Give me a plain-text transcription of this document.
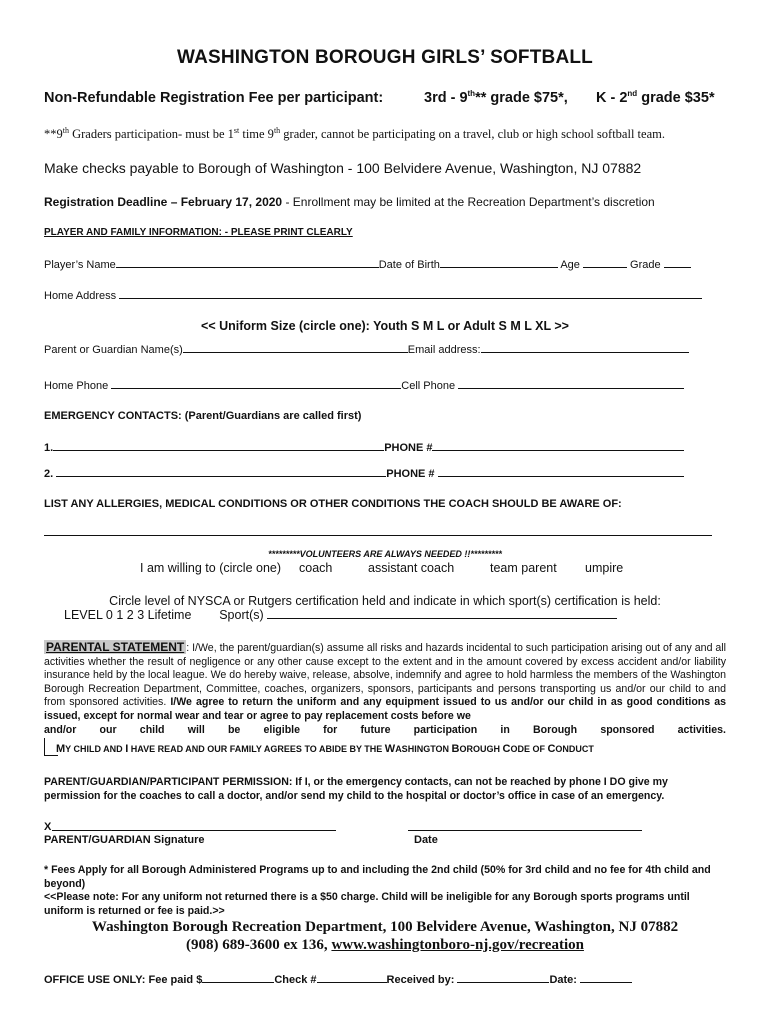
WASHINGTON BOROUGH GIRLS’ SOFTBALL
Non-Refundable Registration Fee per participant:	3rd - 9th** grade $75*, K - 2nd grade $35*
**9th Graders participation- must be 1st time 9th grader, cannot be participating on a travel, club or high school softball team.
Make checks payable to Borough of Washington - 100 Belvidere Avenue, Washington, NJ 07882
Registration Deadline – February 17, 2020 - Enrollment may be limited at the Recreation Department’s discretion
PLAYER AND FAMILY INFORMATION: - PLEASE PRINT CLEARLY
Player’s Name	Date of Birth	Age	Grade
Home Address
<< Uniform Size (circle one): Youth S M L or Adult S M L XL >>
Parent or Guardian Name(s)	Email address:
Home Phone	Cell Phone
EMERGENCY CONTACTS: (Parent/Guardians are called first)
1.	PHONE #
2.	PHONE #
LIST ANY ALLERGIES, MEDICAL CONDITIONS OR OTHER CONDITIONS THE COACH SHOULD BE AWARE OF:
*********VOLUNTEERS ARE ALWAYS NEEDED !!*********
I am willing to (circle one) coach	assistant coach	team parent umpire
Circle level of NYSCA or Rutgers certification held and indicate in which sport(s) certification is held:
LEVEL 0 1 2 3 Lifetime Sport(s)
PARENTAL STATEMENT : I/We, the parent/guardian(s) assume all risks and hazards incidental to such participation arising out of any and all activities whether the result of negligence or any other cause except to the extent and in the amount covered by excess accident and/or liability insurance held by the local league. We do hereby waive, release, absolve, indemnify and agree to hold harmless the members of the Washington Borough Recreation Department, Committee, coaches, organizers, sponsors, participants and persons transporting us and/or our child to and from sponsored activities. I/We agree to return the uniform and any equipment issued to us and/or our child in as good conditions as issued, except for normal wear and tear or agree to pay replacement costs before we
and/or our child will be eligible for future participation in Borough sponsored activities.
MY CHILD AND I HAVE READ AND OUR FAMILY AGREES TO ABIDE BY THE WASHINGTON BOROUGH CODE OF CONDUCT
PARENT/GUARDIAN/PARTICIPANT PERMISSION: If I, or the emergency contacts, can not be reached by phone I DO give my permission for the coaches to call a doctor, and/or send my child to the hospital or doctor’s office in case of an emergency.
X
PARENT/GUARDIAN Signature	Date
* Fees Apply for all Borough Administered Programs up to and including the 2nd child (50% for 3rd child and no fee for 4th child and beyond)
<<Please note: For any uniform not returned there is a $50 charge. Child will be ineligible for any Borough sports programs until uniform is returned or fee is paid.>>
Washington Borough Recreation Department, 100 Belvidere Avenue, Washington, NJ 07882
(908) 689-3600 ex 136, www.washingtonboro-nj.gov/recreation
OFFICE USE ONLY: Fee paid $	Check #	Received by:	Date:
